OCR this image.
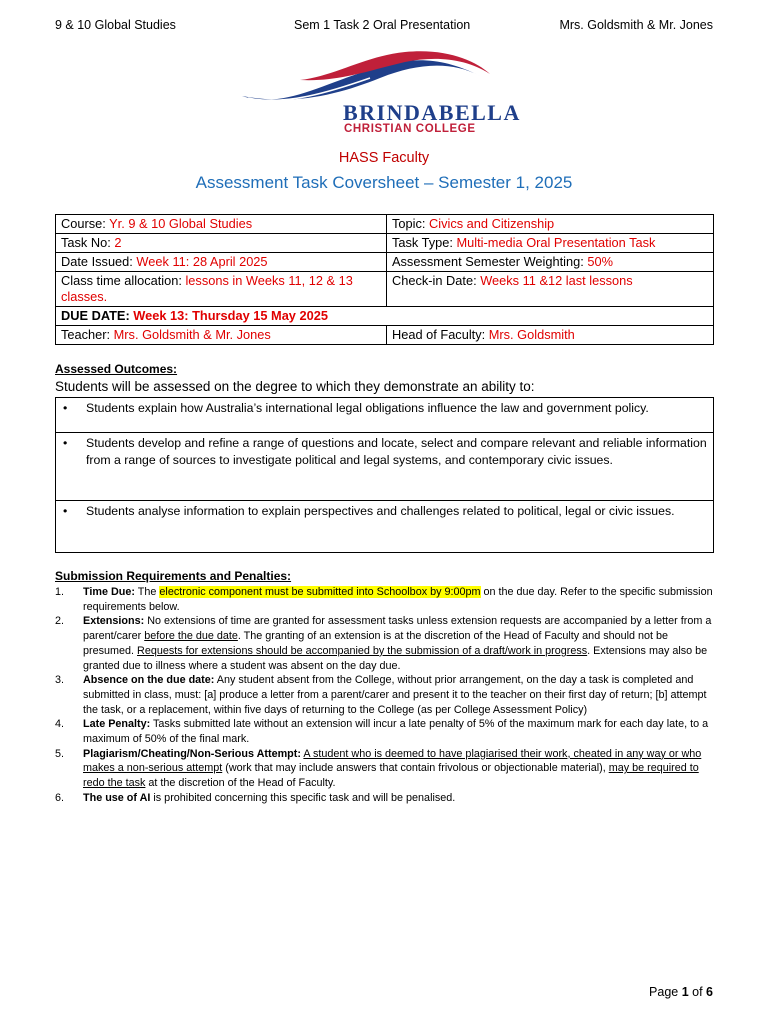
9 & 10 Global Studies	Sem 1 Task 2 Oral Presentation	Mrs. Goldsmith & Mr. Jones
BRINDABELLA
CHRISTIAN COLLEGE
HASS Faculty
Assessment Task Coversheet – Semester 1, 2025
Course: Yr. 9 & 10 Global Studies	Topic: Civics and Citizenship
Task No: 2	Task Type: Multi-media Oral Presentation Task
Date Issued: Week 11: 28 April 2025	Assessment Semester Weighting: 50%
Class time allocation: lessons in Weeks 11, 12 & 13 classes.	Check-in Date: Weeks 11 &12 last lessons
DUE DATE: Week 13: Thursday 15 May 2025	
Teacher: Mrs. Goldsmith & Mr. Jones	Head of Faculty: Mrs. Goldsmith
Assessed Outcomes:
Students will be assessed on the degree to which they demonstrate an ability to:
• Students explain how Australia’s international legal obligations influence the law and government policy.

• Students develop and refine a range of questions and locate, select and compare relevant and reliable information from a range of sources to investigate political and legal systems, and contemporary civic issues.

• Students analyse information to explain perspectives and challenges related to political, legal or civic issues.
Submission Requirements and Penalties:
1. Time Due: The electronic component must be submitted into Schoolbox by 9:00pm on the due day. Refer to the specific submission requirements below.
2. Extensions: No extensions of time are granted for assessment tasks unless extension requests are accompanied by a letter from a parent/carer before the due date. The granting of an extension is at the discretion of the Head of Faculty and should not be presumed. Requests for extensions should be accompanied by the submission of a draft/work in progress. Extensions may also be granted due to illness where a student was absent on the day due.
3. Absence on the due date: Any student absent from the College, without prior arrangement, on the day a task is completed and submitted in class, must: [a] produce a letter from a parent/carer and present it to the teacher on their first day of return; [b] attempt the task, or a replacement, within five days of returning to the College (as per College Assessment Policy)
4. Late Penalty: Tasks submitted late without an extension will incur a late penalty of 5% of the maximum mark for each day late, to a maximum of 50% of the final mark.
5. Plagiarism/Cheating/Non-Serious Attempt: A student who is deemed to have plagiarised their work, cheated in any way or who makes a non-serious attempt (work that may include answers that contain frivolous or objectionable material), may be required to redo the task at the discretion of the Head of Faculty.
6. The use of AI is prohibited concerning this specific task and will be penalised.
Page 1 of 6
